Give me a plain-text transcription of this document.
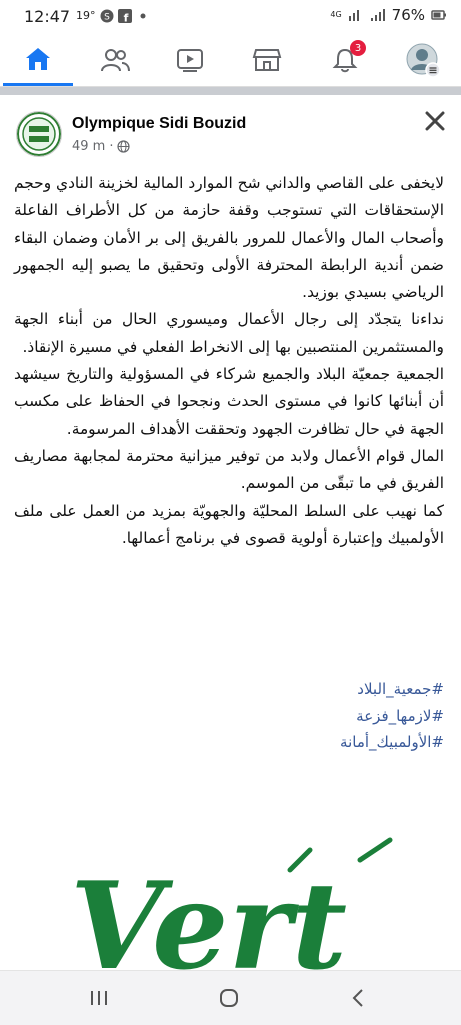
12:47 19° S f	4G	76%
3
Olympique Sidi Bouzid
49 m ·

لايخفى على القاصي والداني شح الموارد المالية لخزينة النادي وحجم الإستحقاقات التي تستوجب وقفة حازمة من كل الأطراف الفاعلة وأصحاب المال والأعمال للمرور بالفريق إلى بر الأمان وضمان البقاء ضمن أندية الرابطة المحترفة الأولى وتحقيق ما يصبو إليه الجمهور الرياضي بسيدي بوزيد.

نداءنا يتجدّد إلى رجال الأعمال وميسوري الحال من أبناء الجهة والمستثمرين المنتصبين بها إلى الانخراط الفعلي في مسيرة الإنقاذ.

الجمعية جمعيّة البلاد والجميع شركاء في المسؤولية والتاريخ سيشهد أن أبنائها كانوا في مستوى الحدث ونجحوا في الحفاظ على مكسب الجهة في حال تظافرت الجهود وتحققت الأهداف المرسومة.

المال قوام الأعمال ولابد من توفير ميزانية محترمة لمجابهة مصاريف الفريق في ما تبقّى من الموسم.

كما نهيب على السلط المحليّة والجهويّة بمزيد من العمل على ملف الأولمبيك وإعتبارة أولوية قصوى في برنامج أعمالها.

#جمعية_البلاد
#لازمها_فزعة
#الأولمبيك_أمانة
Vert
